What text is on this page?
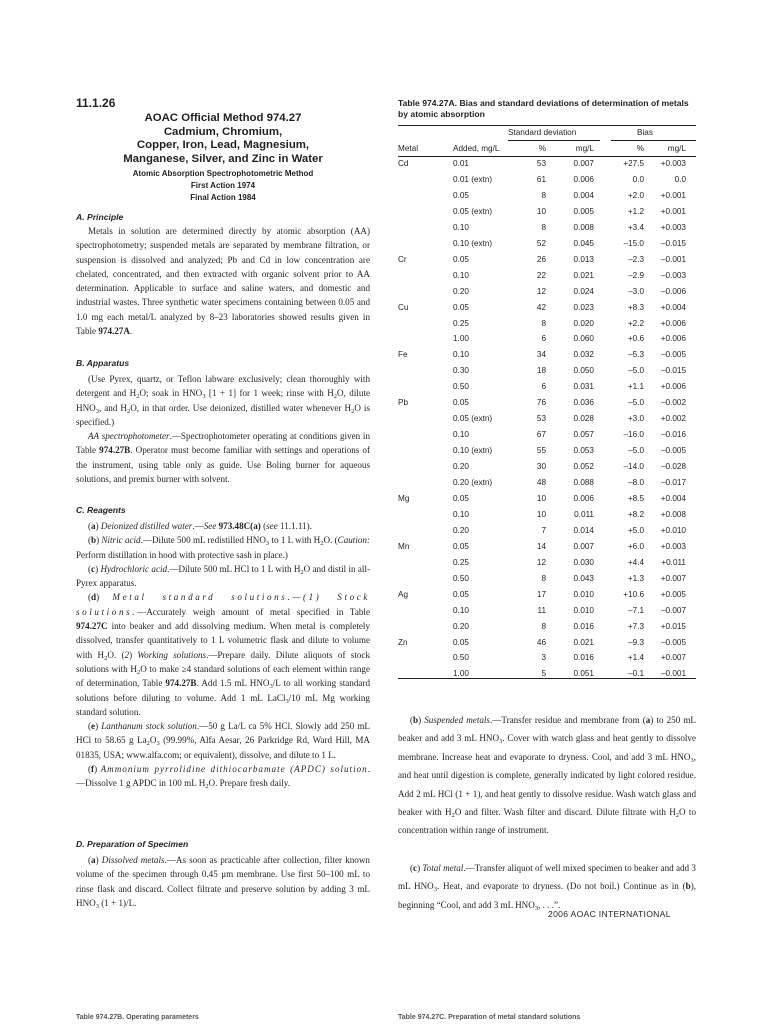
11.1.26
AOAC Official Method 974.27
Cadmium, Chromium,
Copper, Iron, Lead, Magnesium,
Manganese, Silver, and Zinc in Water
Atomic Absorption Spectrophotometric Method
First Action 1974
Final Action 1984
A. Principle

Metals in solution are determined directly by atomic absorption (AA) spectrophotometry; suspended metals are separated by membrane filtration, or suspension is dissolved and analyzed; Pb and Cd in low concentration are chelated, concentrated, and then extracted with organic solvent prior to AA determination. Applicable to surface and saline waters, and domestic and industrial wastes. Three synthetic water specimens containing between 0.05 and 1.0 mg each metal/L analyzed by 8–23 laboratories showed results given in Table 974.27A.

B. Apparatus

(Use Pyrex, quartz, or Teflon labware exclusively; clean thoroughly with detergent and $H_2O$; soak in $HNO_3$ [1 + 1] for 1 week; rinse with $H_2O$, dilute $HNO_3$, and $H_2O$, in that order. Use deionized, distilled water whenever $H_2O$ is specified.)
AA spectrophotometer.—Spectrophotometer operating at conditions given in Table 974.27B. Operator must become familiar with settings and operations of the instrument, using table only as guide. Use Boling burner for aqueous solutions, and premix burner with solvent.

C. Reagents

(a) Deionized distilled water.—See 973.48C(a) (see 11.1.11).
(b) Nitric acid.—Dilute 500 mL redistilled $HNO_3$ to 1 L with $H_2O$. (Caution: Perform distillation in hood with protective sash in place.)
(c) Hydrochloric acid.—Dilute 500 mL HCl to 1 L with $H_2O$ and distil in all-Pyrex apparatus.
(d) Metal standard solutions.—(1) Stock solutions.—Accurately weigh amount of metal specified in Table 974.27C into beaker and add dissolving medium. When metal is completely dissolved, transfer quantitatively to 1 L volumetric flask and dilute to volume with $H_2O$. (2) Working solutions.—Prepare daily. Dilute aliquots of stock solutions with $H_2O$ to make ≥4 standard solutions of each element within range of determination, Table 974.27B. Add 1.5 mL $HNO_3/L$ to all working standard solutions before diluting to volume. Add 1 mL LaCl$_3$/10 mL Mg working standard solution.
(e) Lanthanum stock solution.—50 g La/L ca 5% HCl. Slowly add 250 mL HCl to 58.65 g $La_2O_3$ (99.99%, Alfa Aesar, 26 Parkridge Rd, Ward Hill, MA 01835, USA; www.alfa.com; or equivalent), dissolve, and dilute to 1 L.
(f) Ammonium pyrrolidine dithiocarbamate (APDC) solution.—Dissolve 1 g APDC in 100 mL $H_2O$. Prepare fresh daily.

D. Preparation of Specimen

(a) Dissolved metals.—As soon as practicable after collection, filter known volume of the specimen through 0.45 μm membrane. Use first 50–100 mL to rinse flask and discard. Collect filtrate and preserve solution by adding 3 mL $HNO_3$ (1 + 1)/L.

Table 974.27B. Operating parameters
Table 974.27A. Bias and standard deviations of determination of metals by atomic absorption
Standard deviation	Bias
Metal	Added, mg/L	%	mg/L	%	mg/L
Cd	0.01	53	0.007	+27.5	+0.003
0.01 (extn)	61	0.006	0.0	0.0
0.05	8	0.004	+2.0	+0.001
0.05 (extn)	10	0.005	+1.2	+0.001
0.10	8	0.008	+3.4	+0.003
0.10 (extn)	52	0.045	–15.0	–0.015
Cr	0.05	26	0.013	–2.3	–0.001
0.10	22	0.021	–2.9	–0.003
0.20	12	0.024	–3.0	–0.006
Cu	0.05	42	0.023	+8.3	+0.004
0.25	8	0.020	+2.2	+0.006
1.00	6	0.060	+0.6	+0.006
Fe	0.10	34	0.032	–5.3	–0.005
0.30	18	0.050	–5.0	–0.015
0.50	6	0.031	+1.1	+0.006
Pb	0.05	76	0.036	–5.0	–0.002
0.05 (extn)	53	0.028	+3.0	+0.002
0.10	67	0.057	–16.0	–0.016
0.10 (extn)	55	0.053	–5.0	–0.005
0.20	30	0.052	–14.0	–0.028
0.20 (extn)	48	0.088	–8.0	–0.017
Mg	0.05	10	0.006	+8.5	+0.004
0.10	10	0.011	+8.2	+0.008
0.20	7	0.014	+5.0	+0.010
Mn	0.05	14	0.007	+6.0	+0.003
0.25	12	0.030	+4.4	+0.011
0.50	8	0.043	+1.3	+0.007
Ag	0.05	17	0.010	+10.6	+0.005
0.10	11	0.010	–7.1	–0.007
0.20	8	0.016	+7.3	+0.015
Zn	0.05	46	0.021	–9.3	–0.005
0.50	3	0.016	+1.4	+0.007
1.00	5	0.051	–0.1	–0.001

(b) Suspended metals.—Transfer residue and membrane from (a) to 250 mL beaker and add 3 mL $HNO_3$. Cover with watch glass and heat gently to dissolve membrane. Increase heat and evaporate to dryness. Cool, and add 3 mL $HNO_3$, and heat until digestion is complete, generally indicated by light colored residue. Add 2 mL HCl (1 + 1), and heat gently to dissolve residue. Wash watch glass and beaker with $H_2O$ and filter. Wash filter and discard. Dilute filtrate with $H_2O$ to concentration within range of instrument.

(c) Total metal.—Transfer aliquot of well mixed specimen to beaker and add 3 mL $HNO_3$. Heat, and evaporate to dryness. (Do not boil.) Continue as in (b), beginning “Cool, and add 3 mL $HNO_3$, . . .”.

Table 974.27C. Preparation of metal standard solutions
2006 AOAC INTERNATIONAL
